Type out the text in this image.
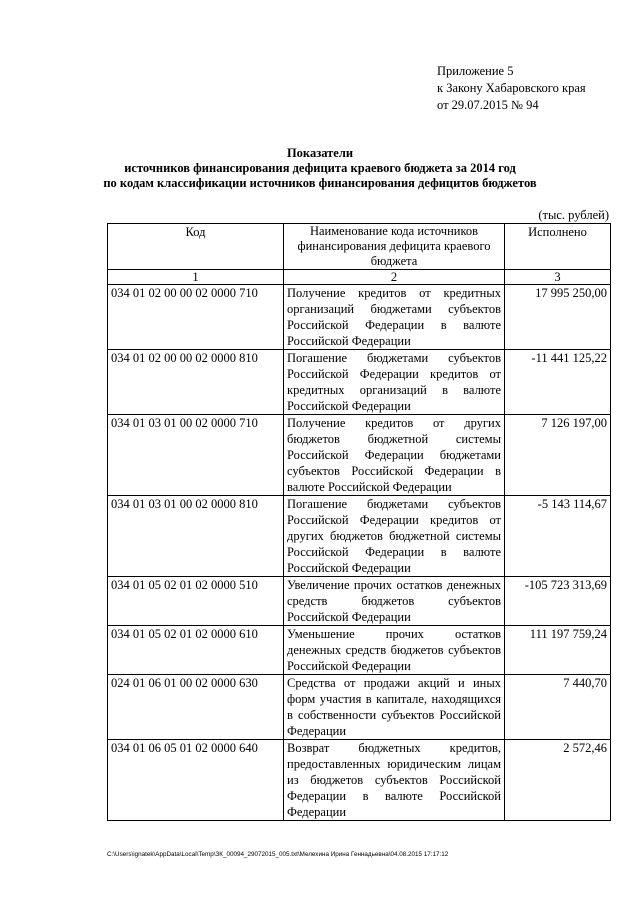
Приложение 5
к Закону Хабаровского края
от 29.07.2015 № 94
Показатели
источников финансирования дефицита краевого бюджета за 2014 год
по кодам классификации источников финансирования дефицитов бюджетов
(тыс. рублей)
Код	Наименование кода источников финансирования дефицита краевого бюджета	Исполнено
1	2	3
034 01 02 00 00 02 0000 710	Получение кредитов от кредитных организаций бюджетами субъектов Российской Федерации в валюте Российской Федерации	17 995 250,00
034 01 02 00 00 02 0000 810	Погашение бюджетами субъектов Российской Федерации кредитов от кредитных организаций в валюте Российской Федерации	-11 441 125,22
034 01 03 01 00 02 0000 710	Получение кредитов от других бюджетов бюджетной системы Российской Федерации бюджетами субъектов Российской Федерации в валюте Российской Федерации	7 126 197,00
034 01 03 01 00 02 0000 810	Погашение бюджетами субъектов Российской Федерации кредитов от других бюджетов бюджетной системы Российской Федерации в валюте Российской Федерации	-5 143 114,67
034 01 05 02 01 02 0000 510	Увеличение прочих остатков денежных средств бюджетов субъектов Российской Федерации	-105 723 313,69
034 01 05 02 01 02 0000 610	Уменьшение прочих остатков денежных средств бюджетов субъектов Российской Федерации	111 197 759,24
024 01 06 01 00 02 0000 630	Средства от продажи акций и иных форм участия в капитале, находящихся в собственности субъектов Российской Федерации	7 440,70
034 01 06 05 01 02 0000 640	Возврат бюджетных кредитов, предоставленных юридическим лицам из бюджетов субъектов Российской Федерации в валюте Российской Федерации	2 572,46
C:\Users\ignatek\AppData\Local\Temp\ЗК_00094_29072015_005.txt\Мелехина Ирина Геннадьевна\04.08.2015 17:17:12
